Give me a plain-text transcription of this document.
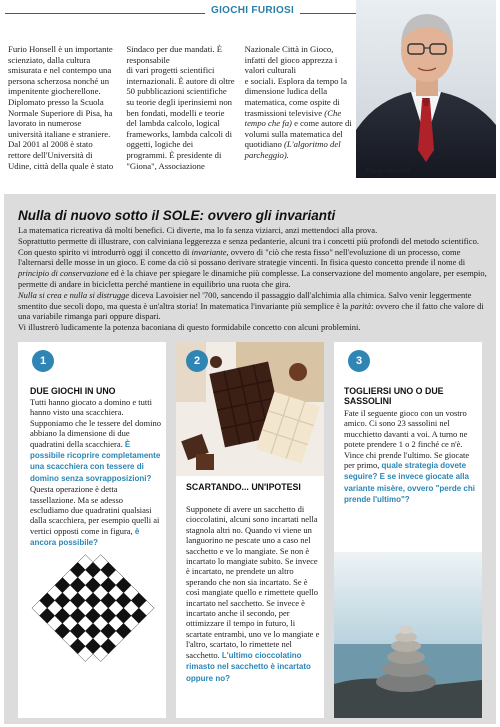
GIOCHI FURIOSI

Furio Honsell è un importante scienziato, dalla cultura smisurata e nel contempo una persona scherzosa nonché un impenitente giocherellone. Diplomato presso la Scuola Normale Superiore di Pisa, ha lavorato in numerose università italiane e straniere. Dal 2001 al 2008 è stato rettore dell'Università di Udine, città della quale è stato Sindaco per due mandati. È responsabile

di vari progetti scientifici internazionali. È autore di oltre 50 pubblicazioni scientifiche su teorie degli iperinsiemi non ben fondati, modelli e teorie del lambda calcolo, logical frameworks, lambda calcoli di oggetti, logiche dei programmi. È presidente di "Giona", Associazione Nazionale Città in Gioco, infatti del gioco apprezza i valori culturali

e sociali. Esplora da tempo la dimensione ludica della matematica, come ospite di trasmissioni televisive (Che tempo che fa) e come autore di volumi sulla matematica del quotidiano (L'algoritmo del parcheggio).

Furio Honsell
Nulla di nuovo sotto il SOLE: ovvero gli invarianti

La matematica ricreativa dà molti benefici. Ci diverte, ma lo fa senza viziarci, anzi mettendoci alla prova.

Soprattutto permette di illustrare, con calviniana leggerezza e senza pedanterie, alcuni tra i concetti più profondi del metodo scientifico. Con questo spirito vi introdurrò oggi il concetto di invariante, ovvero di "ciò che resta fisso" nell'evoluzione di un processo, come l'alternarsi delle mosse in un gioco. E come da ciò si possano derivare strategie vincenti. In fisica questo concetto prende il nome di principio di conservazione ed è la chiave per spiegare le dinamiche più complesse. La conservazione del momento angolare, per esempio, permette di andare in bicicletta perché mantiene in equilibrio una ruota che gira.

Nulla si crea e nulla si distrugge diceva Lavoisier nel '700, sancendo il passaggio dall'alchimia alla chimica. Salvo venir leggermente smentito due secoli dopo, ma questa è un'altra storia! In matematica l'invariante più semplice è la parità: ovvero che il fatto che valore di una variabile rimanga pari oppure dispari.

Vi illustrerò ludicamente la potenza baconiana di questo formidabile concetto con alcuni problemini.

1
DUE GIOCHI IN UNO
Tutti hanno giocato a domino e tutti hanno visto una scacchiera. Supponiamo che le tessere del domino abbiano la dimensione di due quadratini della scacchiera. È possibile ricoprire completamente una scacchiera con tessere di domino senza sovrapposizioni? Questa operazione è detta tassellazione. Ma se adesso escludiamo due quadratini qualsiasi dalla scacchiera, per esempio quelli ai vertici opposti come in figura, è ancora possibile?
2
SCARTANDO... UN'IPOTESI
Supponete di avere un sacchetto di cioccolatini, alcuni sono incartati nella stagnola altri no. Quando vi viene un languorino ne pescate uno a caso nel sacchetto e ve lo mangiate. Se non è incartato lo mangiate subito. Se invece è incartato, ne prendete un altro sperando che non sia incartato. Se è così mangiate quello e rimettete quello incartato nel sacchetto. Se invece è incartato anche il secondo, per ottimizzare il tempo in futuro, li scartate entrambi, uno ve lo mangiate e l'altro, scartato, lo rimettete nel sacchetto. L'ultimo cioccolatino rimasto nel sacchetto è incartato oppure no?
3
TOGLIERSI UNO O DUE SASSOLINI
Fate il seguente gioco con un vostro amico. Ci sono 23 sassolini nel mucchietto davanti a voi. A turno ne potete prendere 1 o 2 finché ce n'è. Vince chi prende l'ultimo. Se giocate per primo, quale strategia dovete seguire? E se invece giocate alla variante misère, ovvero "perde chi prende l'ultimo"?
